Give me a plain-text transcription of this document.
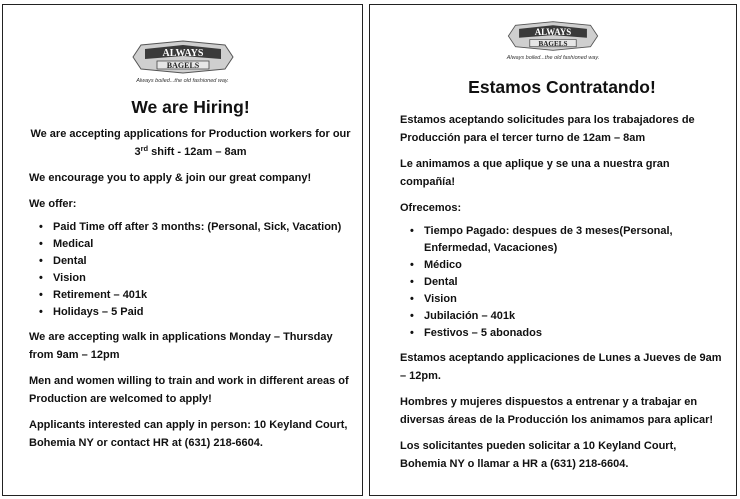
ALWAYS
BAGELS
Always boiled...the old fashioned way.
We are Hiring!

We are accepting applications for Production workers for our
3rd shift - 12am – 8am

We encourage you to apply & join our great company!

We offer:

• Paid Time off after 3 months: (Personal, Sick, Vacation)
• Medical
• Dental
• Vision
• Retirement – 401k
• Holidays – 5 Paid

We are accepting walk in applications Monday – Thursday from 9am – 12pm

Men and women willing to train and work in different areas of Production are welcomed to apply!

Applicants interested can apply in person: 10 Keyland Court, Bohemia NY or contact HR at (631) 218-6604.

ALWAYS
BAGELS
Always boiled...the old fashioned way.
Estamos Contratando!

Estamos aceptando solicitudes para los trabajadores de Producción para el tercer turno de 12am – 8am

Le animamos a que aplique y se una a nuestra gran compañía!

Ofrecemos:

• Tiempo Pagado: despues de 3 meses(Personal, Enfermedad, Vacaciones)
• Médico
• Dental
• Vision
• Jubilación – 401k
• Festivos – 5 abonados

Estamos aceptando applicaciones de Lunes a Jueves de 9am – 12pm.

Hombres y mujeres dispuestos a entrenar y a trabajar en diversas áreas de la Producción los animamos para aplicar!

Los solicitantes pueden solicitar a 10 Keyland Court, Bohemia NY o llamar a HR a (631) 218-6604.
